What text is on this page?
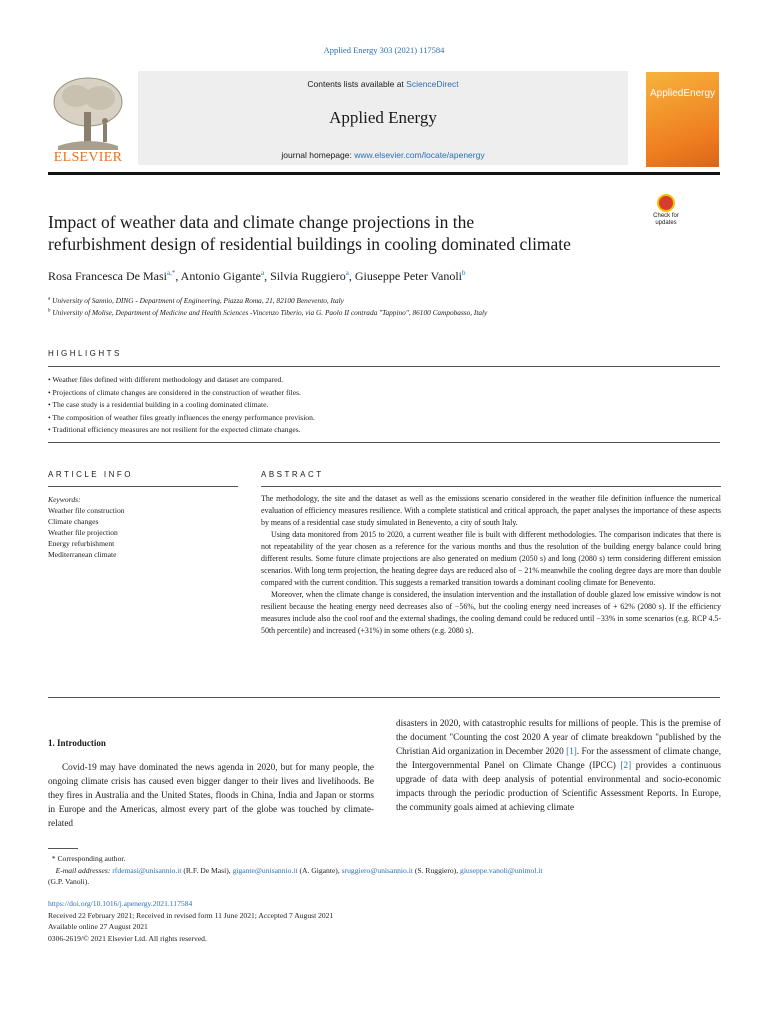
Applied Energy 303 (2021) 117584
Contents lists available at ScienceDirect
Applied Energy
journal homepage: www.elsevier.com/locate/apenergy
ELSEVIER
AppliedEnergy
Impact of weather data and climate change projections in the
refurbishment design of residential buildings in cooling dominated climate
Check for updates
Rosa Francesca De Masi$^{a,*}$, Antonio Gigante$^a$, Silvia Ruggiero$^a$, Giuseppe Peter Vanoli$^b$
$^a$ University of Sannio, DING - Department of Engineering, Piazza Roma, 21, 82100 Benevento, Italy
$^b$ University of Molise, Department of Medicine and Health Sciences -Vincenzo Tiberio, via G. Paolo II contrada "Tappino", 86100 Campobasso, Italy
HIGHLIGHTS
• Weather files defined with different methodology and dataset are compared.
• Projections of climate changes are considered in the construction of weather files.
• The case study is a residential building in a cooling dominated climate.
• The composition of weather files greatly influences the energy performance prevision.
• Traditional efficiency measures are not resilient for the expected climate changes.
ARTICLE INFO	ABSTRACT
Keywords:
Weather file construction
Climate changes
Weather file projection
Energy refurbishment
Mediterranean climate

The methodology, the site and the dataset as well as the emissions scenario considered in the weather file definition influence the numerical evaluation of efficiency measures resilience. With a complete statistical and critical approach, the paper analyses the importance of these aspects by means of a residential case study simulated in Benevento, a city of south Italy.

Using data monitored from 2015 to 2020, a current weather file is built with different methodologies. The comparison indicates that there is not repeatability of the year chosen as a reference for the various months and thus the resolution of the building energy balance could bring different results. Some future climate projections are also generated on medium (2050 s) and long (2080 s) term considering different emission scenarios. With long term projection, the heating degree days are reduced also of − 21% meanwhile the cooling degree days are more than double compared with the current condition. This suggests a remarked transition towards a dominant cooling climate for Benevento.

Moreover, when the climate change is considered, the insulation intervention and the installation of double glazed low emissive window is not resilient because the heating energy need decreases also of −56%, but the cooling energy need increases of + 62% (2080 s). If the efficiency measures include also the cool roof and the external shadings, the cooling demand could be reduced until −33% in some scenarios (e.g. RCP 4.5-50th percentile) and increased (+31%) in some others (e.g. 2080 s).

1. Introduction

Covid-19 may have dominated the news agenda in 2020, but for many people, the ongoing climate crisis has caused even bigger danger to their lives and livelihoods. Be they fires in Australia and the United States, floods in China, India and Japan or storms in Europe and the Americas, almost every part of the globe was touched by climate-related

disasters in 2020, with catastrophic results for millions of people. This is the premise of the document "Counting the cost 2020 A year of climate breakdown "published by the Christian Aid organization in December 2020 [1]. For the assessment of climate change, the Intergovernmental Panel on Climate Change (IPCC) [2] provides a continuous upgrade of data with deep analysis of potential environmental and socio-economic impacts through the periodic production of Scientific Assessment Reports. In Europe, the community goals aimed at achieving climate

* Corresponding author.

E-mail addresses: rfdemasi@unisannio.it (R.F. De Masi), gigante@unisannio.it (A. Gigante), sruggiero@unisannio.it (S. Ruggiero), giuseppe.vanoli@unimol.it
(G.P. Vanoli).

https://doi.org/10.1016/j.apenergy.2021.117584

Received 22 February 2021; Received in revised form 11 June 2021; Accepted 7 August 2021

Available online 27 August 2021

0306-2619/© 2021 Elsevier Ltd. All rights reserved.
